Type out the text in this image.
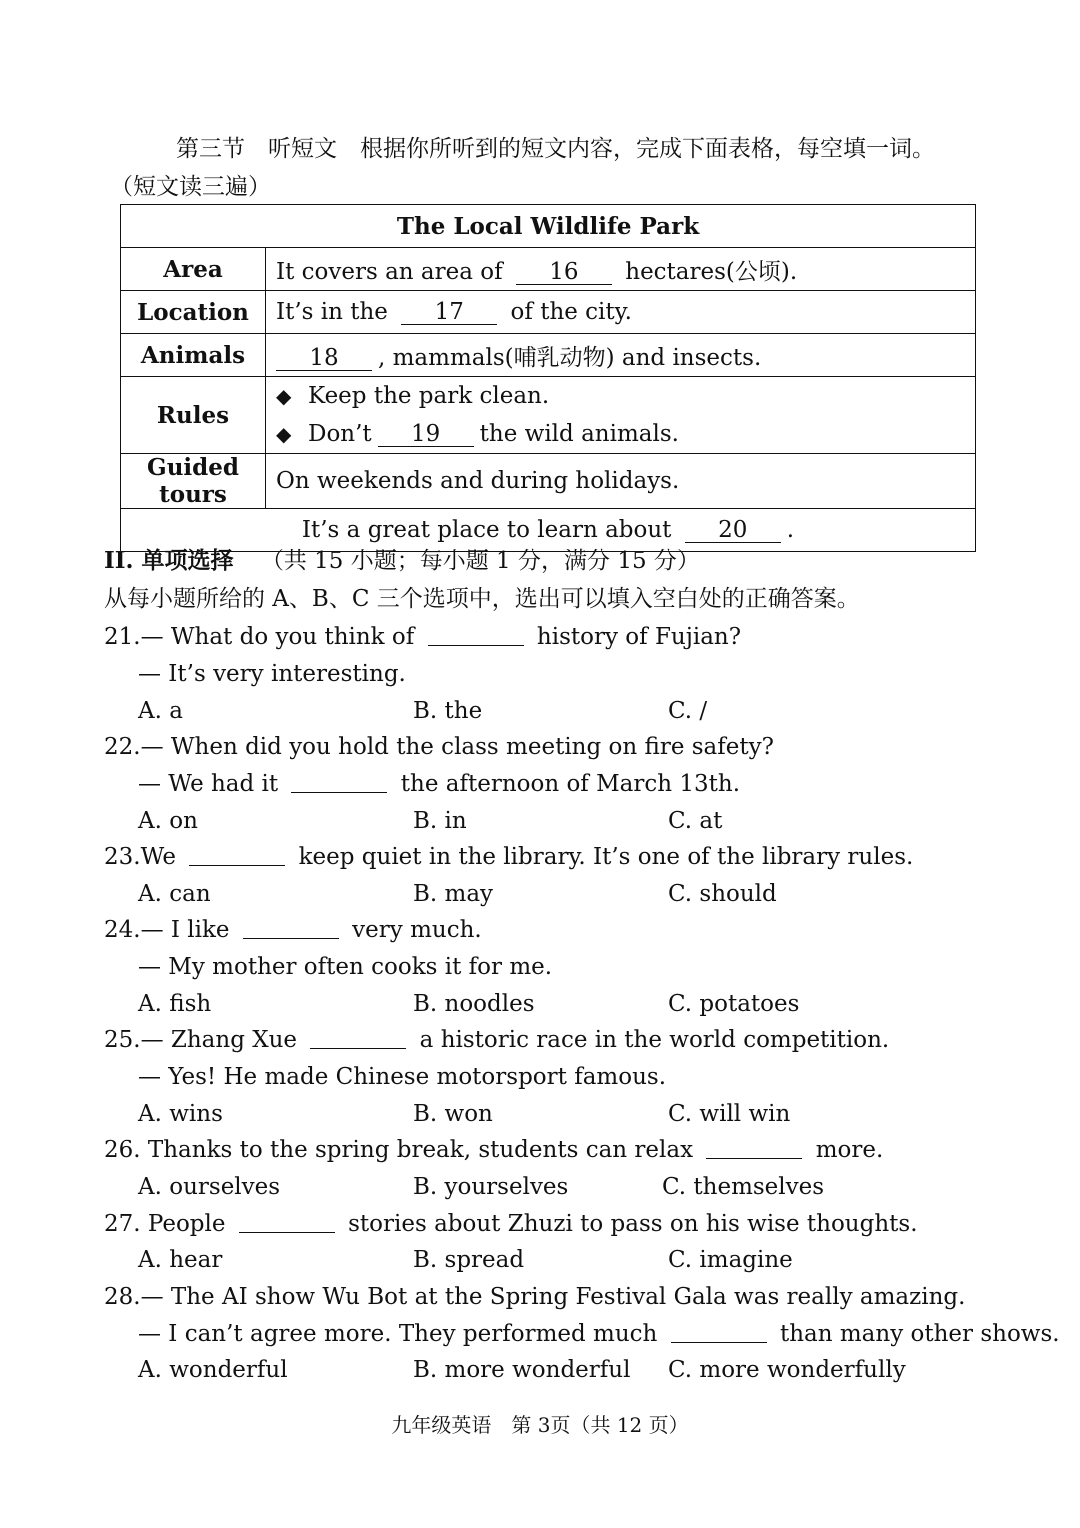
第三节　听短文　根据你所听到的短文内容，完成下面表格，每空填一词。
（短文读三遍）
The Local Wildlife Park	
Area	It covers an area of 16 hectares(公顷).
Location	It’s in the 17 of the city.
Animals	18 , mammals(哺乳动物) and insects.
Rules	◆ Keep the park clean.
◆ Don’t 19 the wild animals.

Guided tours	On weekends and during holidays.
It’s a great place to learn about 20 .	
II. 单项选择 （共 15 小题；每小题 1 分，满分 15 分）
从每小题所给的 A、B、C 三个选项中，选出可以填入空白处的正确答案。
21.— What do you think of	history of Fujian?
— It’s very interesting.
A. a	B. the	C. /
22.— When did you hold the class meeting on fire safety?
— We had it	the afternoon of March 13th.
A. on	B. in	C. at
23.We	keep quiet in the library. It’s one of the library rules.
A. can	B. may	C. should
24.— I like	very much.
— My mother often cooks it for me.
A. fish	B. noodles	C. potatoes
25.— Zhang Xue	a historic race in the world competition.
— Yes! He made Chinese motorsport famous.
A. wins	B. won	C. will win
26. Thanks to the spring break, students can relax	more.
A. ourselves	B. yourselves	C. themselves
27. People	stories about Zhuzi to pass on his wise thoughts.
A. hear	B. spread	C. imagine
28.— The AI show Wu Bot at the Spring Festival Gala was really amazing.
— I can’t agree more. They performed much	than many other shows.
A. wonderful	B. more wonderful C. more wonderfully
九年级英语　第 3页（共 12 页）
